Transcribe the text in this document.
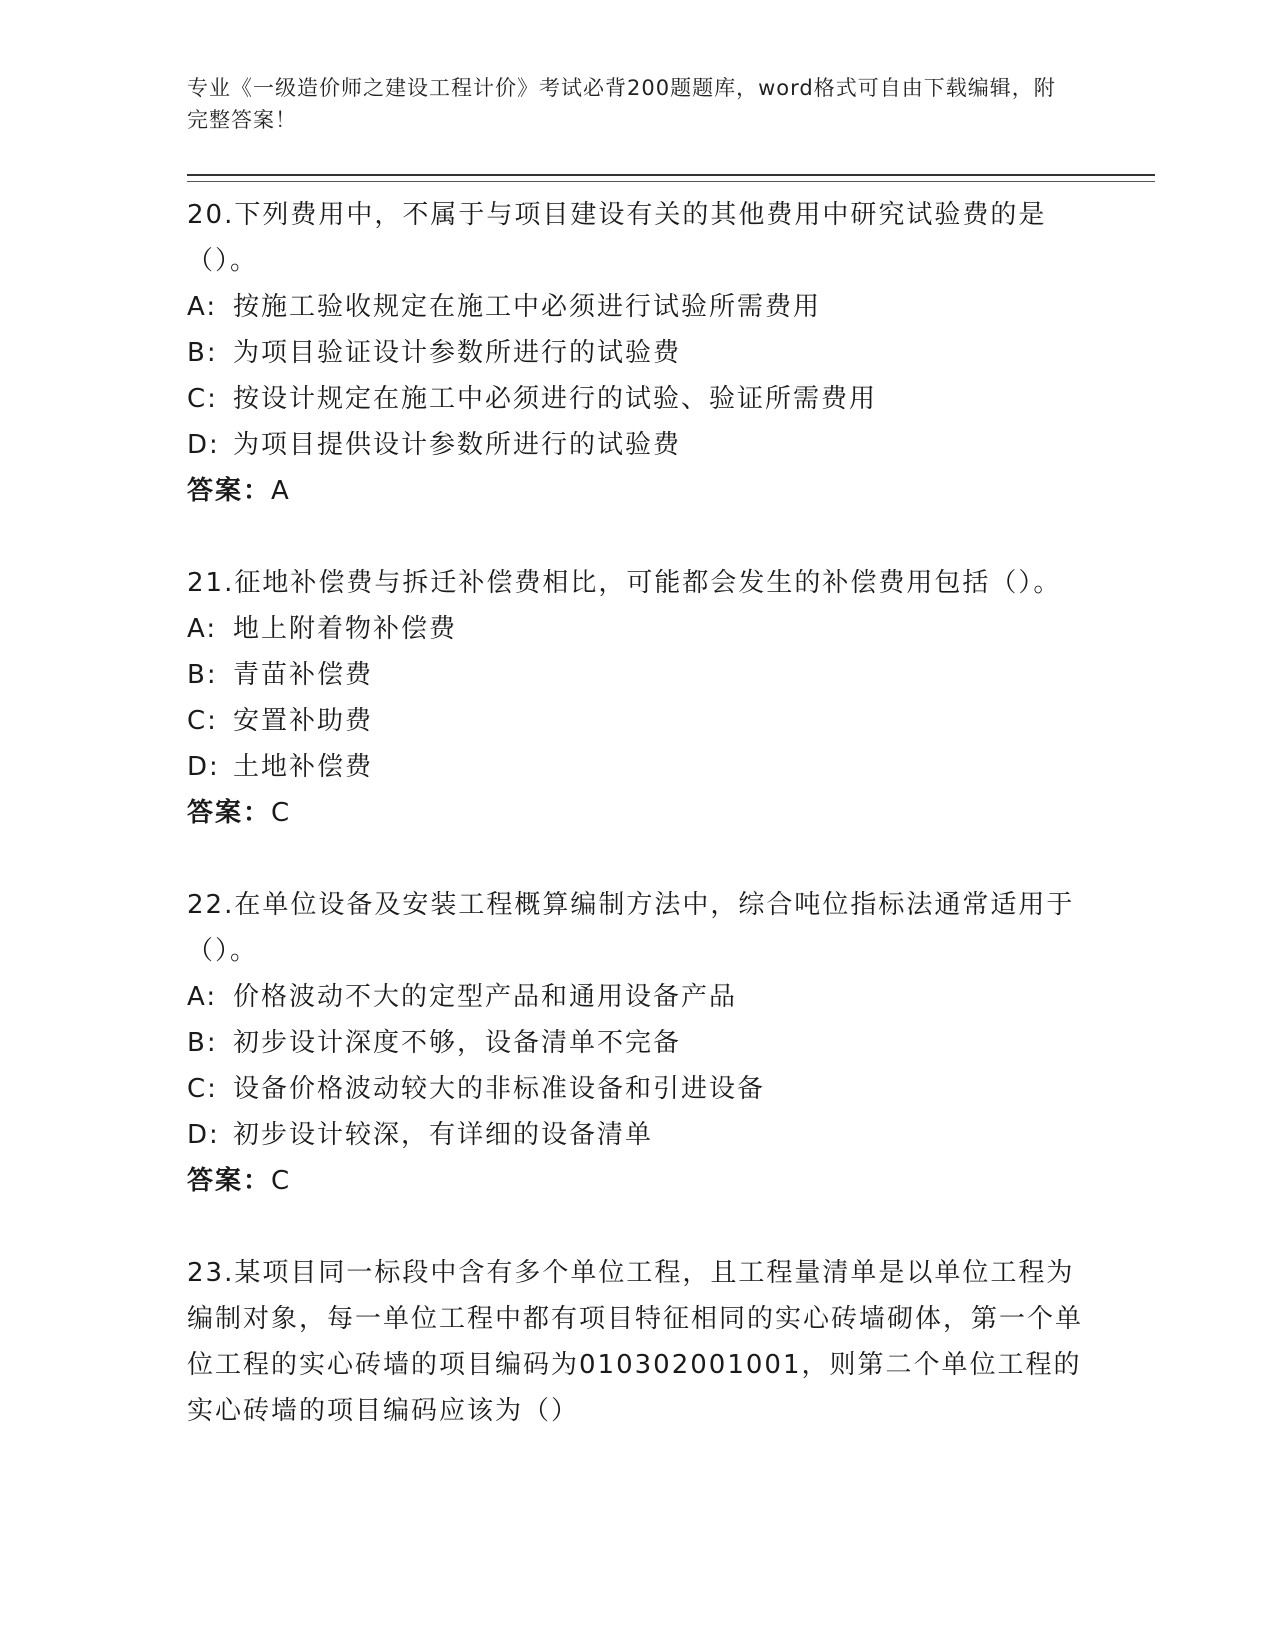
专业《一级造价师之建设工程计价》考试必背200题题库，word格式可自由下载编辑，附完整答案！

20.下列费用中，不属于与项目建设有关的其他费用中研究试验费的是（）。

A: 按施工验收规定在施工中必须进行试验所需费用
B: 为项目验证设计参数所进行的试验费
C: 按设计规定在施工中必须进行的试验、验证所需费用
D: 为项目提供设计参数所进行的试验费
答案：A

21.征地补偿费与拆迁补偿费相比，可能都会发生的补偿费用包括（）。

A: 地上附着物补偿费
B: 青苗补偿费
C: 安置补助费
D: 土地补偿费
答案：C

22.在单位设备及安装工程概算编制方法中，综合吨位指标法通常适用于（）。

A: 价格波动不大的定型产品和通用设备产品
B: 初步设计深度不够，设备清单不完备
C: 设备价格波动较大的非标准设备和引进设备
D: 初步设计较深，有详细的设备清单
答案：C

23.某项目同一标段中含有多个单位工程，且工程量清单是以单位工程为编制对象，每一单位工程中都有项目特征相同的实心砖墙砌体，第一个单位工程的实心砖墙的项目编码为010302001001，则第二个单位工程的实心砖墙的项目编码应该为（）
